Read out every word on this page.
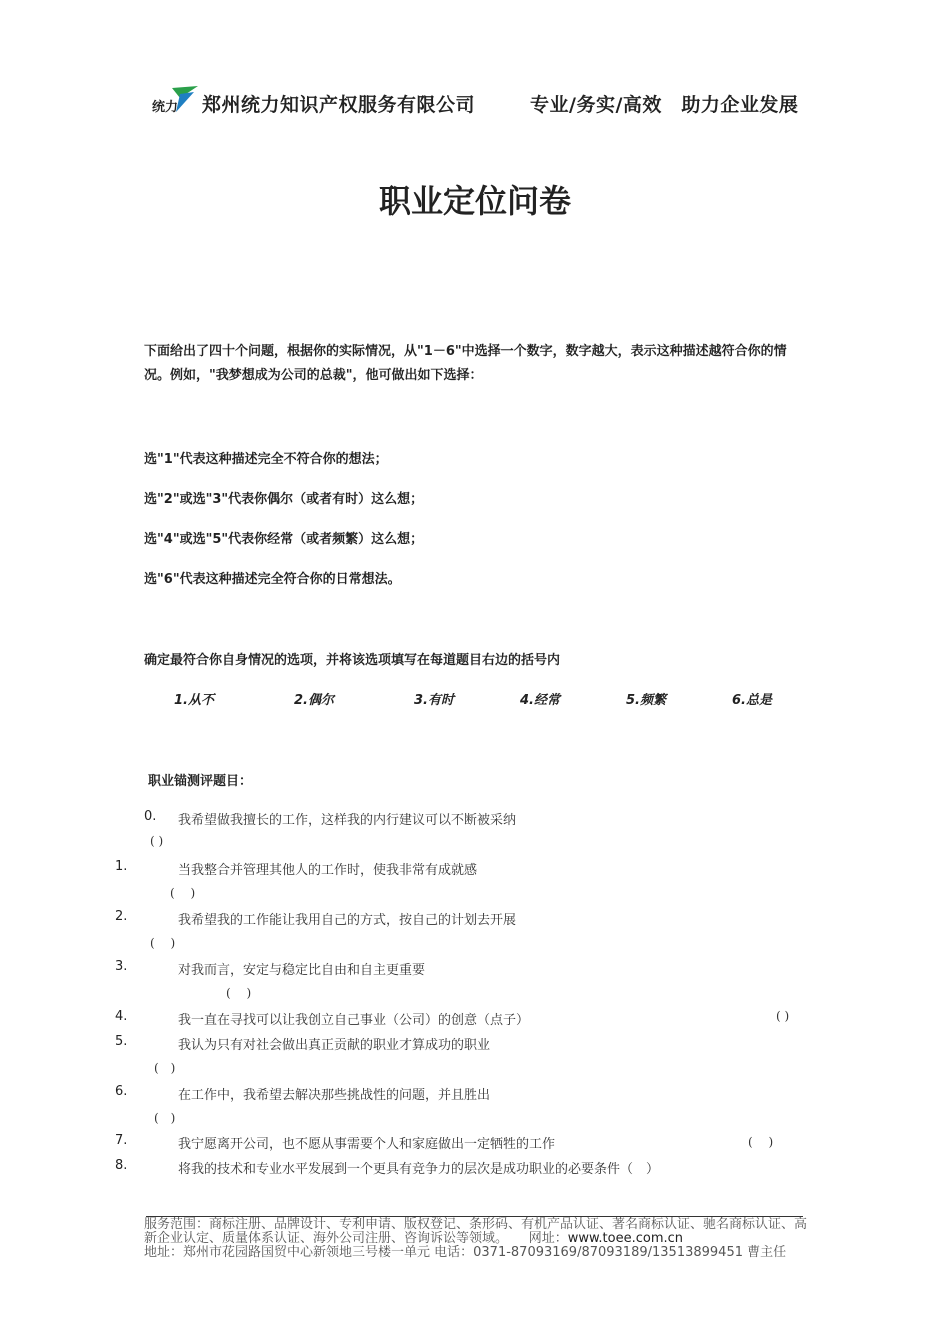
统力 郑州统力知识产权服务有限公司	专业/务实/高效　助力企业发展
职业定位问卷
下面给出了四十个问题，根据你的实际情况，从"1－6"中选择一个数字，数字越大，表示这种描述越符合你的情况。例如，"我梦想成为公司的总裁"，他可做出如下选择：
选"1"代表这种描述完全不符合你的想法；
选"2"或选"3"代表你偶尔（或者有时）这么想；
选"4"或选"5"代表你经常（或者频繁）这么想；
选"6"代表这种描述完全符合你的日常想法。
确定最符合你自身情况的选项，并将该选项填写在每道题目右边的括号内
1.从不	2.偶尔	3.有时	4.经常	5.频繁	6.总是
职业锚测评题目：
0. 我希望做我擅长的工作，这样我的内行建议可以不断被采纳
( )
1.	当我整合并管理其他人的工作时，使我非常有成就感
(　 )
2.	我希望我的工作能让我用自己的方式，按自己的计划去开展
(　 )
3.	对我而言，安定与稳定比自由和自主更重要
(　 )
4.	我一直在寻找可以让我创立自己事业（公司）的创意（点子）	( )
5.	我认为只有对社会做出真正贡献的职业才算成功的职业
(　)
6.	在工作中，我希望去解决那些挑战性的问题，并且胜出
(　)
7.	我宁愿离开公司，也不愿从事需要个人和家庭做出一定牺牲的工作	(　 )
8.	将我的技术和专业水平发展到一个更具有竞争力的层次是成功职业的必要条件（　）
服务范围：商标注册、品牌设计、专利申请、版权登记、条形码、有机产品认证、著名商标认证、驰名商标认证、高新企业认定、质量体系认证、海外公司注册、咨询诉讼等领域。 网址：www.toee.com.cn
地址：郑州市花园路国贸中心新领地三号楼一单元 电话：0371-87093169/87093189/13513899451 曹主任
